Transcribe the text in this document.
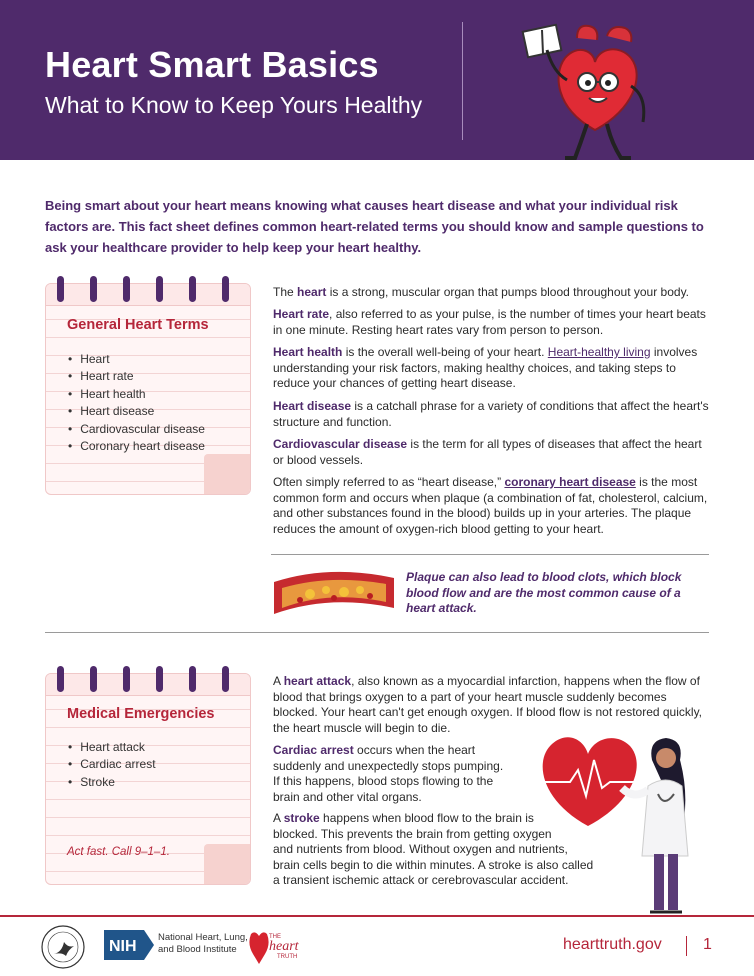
Heart Smart Basics
What to Know to Keep Yours Healthy
Being smart about your heart means knowing what causes heart disease and what your individual risk factors are. This fact sheet defines common heart-related terms you should know and sample questions to ask your healthcare provider to help keep your heart healthy.
General Heart Terms
• Heart
• Heart rate
• Heart health
• Heart disease
• Cardiovascular disease
• Coronary heart disease
The heart is a strong, muscular organ that pumps blood throughout your body.
Heart rate, also referred to as your pulse, is the number of times your heart beats in one minute. Resting heart rates vary from person to person.
Heart health is the overall well-being of your heart. Heart-healthy living involves understanding your risk factors, making healthy choices, and taking steps to reduce your chances of getting heart disease.
Heart disease is a catchall phrase for a variety of conditions that affect the heart's structure and function.
Cardiovascular disease is the term for all types of diseases that affect the heart or blood vessels.
Often simply referred to as “heart disease,” coronary heart disease is the most common form and occurs when plaque (a combination of fat, cholesterol, calcium, and other substances found in the blood) builds up in your arteries. The plaque reduces the amount of oxygen-rich blood getting to your heart.
Plaque can also lead to blood clots, which block blood flow and are the most common cause of a heart attack.
Medical Emergencies
• Heart attack
• Cardiac arrest
• Stroke
Act fast. Call 9–1–1.
A heart attack, also known as a myocardial infarction, happens when the flow of blood that brings oxygen to a part of your heart muscle suddenly becomes blocked. Your heart can't get enough oxygen. If blood flow is not restored quickly, the heart muscle will begin to die.
Cardiac arrest occurs when the heart
suddenly and unexpectedly stops pumping.
If this happens, blood stops flowing to the
brain and other vital organs.
A stroke happens when blood flow to the brain is
blocked. This prevents the brain from getting oxygen
and nutrients from blood. Without oxygen and nutrients,
brain cells begin to die within minutes. A stroke is also called
a transient ischemic attack or cerebrovascular accident.
NIH
National Heart, Lung,
and Blood Institute
THE
heart
TRUTH
hearttruth.gov	1
